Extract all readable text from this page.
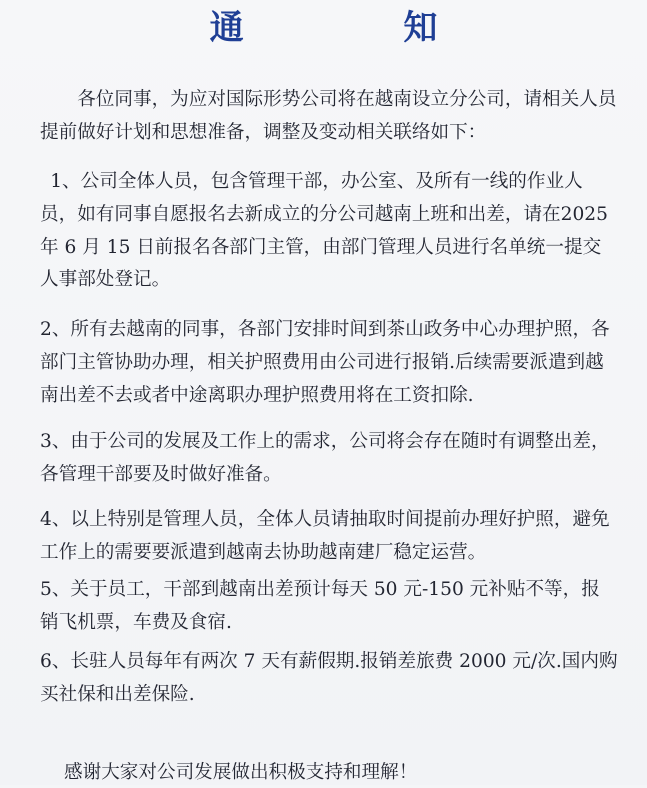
通 知
各位同事，为应对国际形势公司将在越南设立分公司，请相关人员提前做好计划和思想准备，调整及变动相关联络如下：
1、公司全体人员，包含管理干部，办公室、及所有一线的作业人员，如有同事自愿报名去新成立的分公司越南上班和出差，请在2025 年 6 月 15 日前报名各部门主管，由部门管理人员进行名单统一提交人事部处登记。
2、所有去越南的同事，各部门安排时间到茶山政务中心办理护照，各部门主管协助办理，相关护照费用由公司进行报销.后续需要派遣到越南出差不去或者中途离职办理护照费用将在工资扣除.
3、由于公司的发展及工作上的需求，公司将会存在随时有调整出差，各管理干部要及时做好准备。
4、以上特别是管理人员，全体人员请抽取时间提前办理好护照，避免工作上的需要要派遣到越南去协助越南建厂稳定运营。
5、关于员工，干部到越南出差预计每天 50 元-150 元补贴不等，报销飞机票，车费及食宿.
6、长驻人员每年有两次 7 天有薪假期.报销差旅费 2000 元/次.国内购买社保和出差保险.
感谢大家对公司发展做出积极支持和理解！
